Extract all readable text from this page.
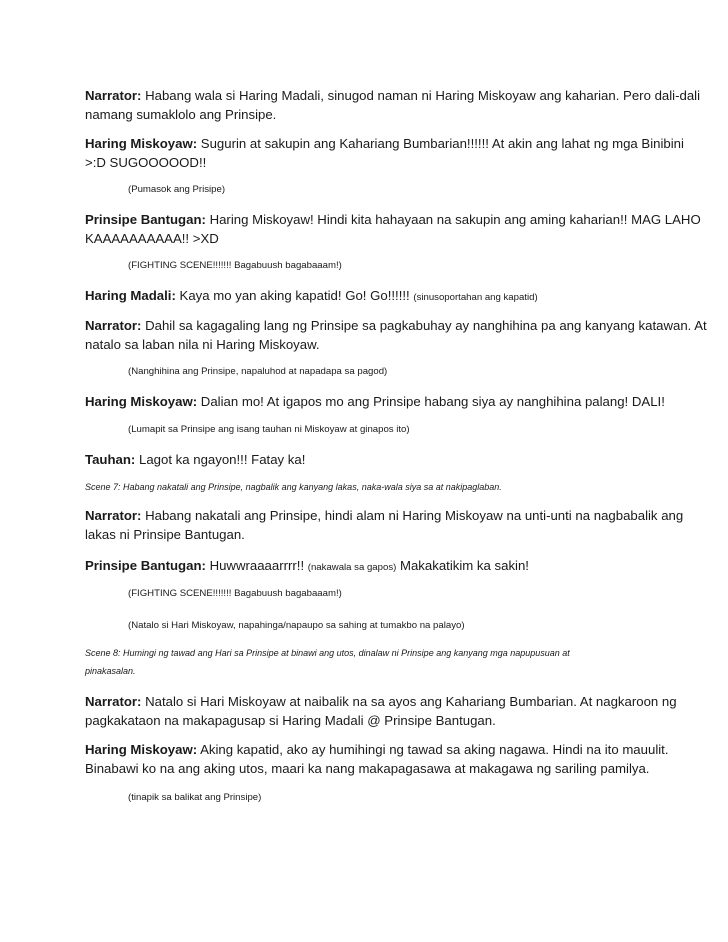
Narrator: Habang wala si Haring Madali, sinugod naman ni Haring Miskoyaw ang kaharian. Pero dali-dali
namang sumaklolo ang Prinsipe.
Haring Miskoyaw: Sugurin at sakupin ang Kahariang Bumbarian!!!!!! At akin ang lahat ng mga Binibini
>:D SUGOOOOOD!!
(Pumasok ang Prisipe)
Prinsipe Bantugan: Haring Miskoyaw! Hindi kita hahayaan na sakupin ang aming kaharian!! MAG LAHO
KAAAAAAAAAA!! >XD
(FIGHTING SCENE!!!!!!! Bagabuush bagabaaam!)
Haring Madali: Kaya mo yan aking kapatid! Go! Go!!!!!! (sinusoportahan ang kapatid)
Narrator: Dahil sa kagagaling lang ng Prinsipe sa pagkabuhay ay nanghihina pa ang kanyang katawan. At
natalo sa laban nila ni Haring Miskoyaw.
(Nanghihina ang Prinsipe, napaluhod at napadapa sa pagod)
Haring Miskoyaw: Dalian mo! At igapos mo ang Prinsipe habang siya ay nanghihina palang! DALI!
(Lumapit sa Prinsipe ang isang tauhan ni Miskoyaw at ginapos ito)
Tauhan: Lagot ka ngayon!!! Fatay ka!
Scene 7: Habang nakatali ang Prinsipe, nagbalik ang kanyang lakas, naka-wala siya sa at nakipaglaban.
Narrator: Habang nakatali ang Prinsipe, hindi alam ni Haring Miskoyaw na unti-unti na nagbabalik ang
lakas ni Prinsipe Bantugan.
Prinsipe Bantugan: Huwwraaaarrrr!! (nakawala sa gapos) Makakatikim ka sakin!
(FIGHTING SCENE!!!!!!! Bagabuush bagabaaam!)
(Natalo si Hari Miskoyaw, napahinga/napaupo sa sahing at tumakbo na palayo)
Scene 8: Humingi ng tawad ang Hari sa Prinsipe at binawi ang utos, dinalaw ni Prinsipe ang kanyang mga napupusuan at
pinakasalan.
Narrator: Natalo si Hari Miskoyaw at naibalik na sa ayos ang Kahariang Bumbarian. At nagkaroon ng
pagkakataon na makapagusap si Haring Madali @ Prinsipe Bantugan.
Haring Miskoyaw: Aking kapatid, ako ay humihingi ng tawad sa aking nagawa. Hindi na ito mauulit.
Binabawi ko na ang aking utos, maari ka nang makapagasawa at makagawa ng sariling pamilya.
(tinapik sa balikat ang Prinsipe)
